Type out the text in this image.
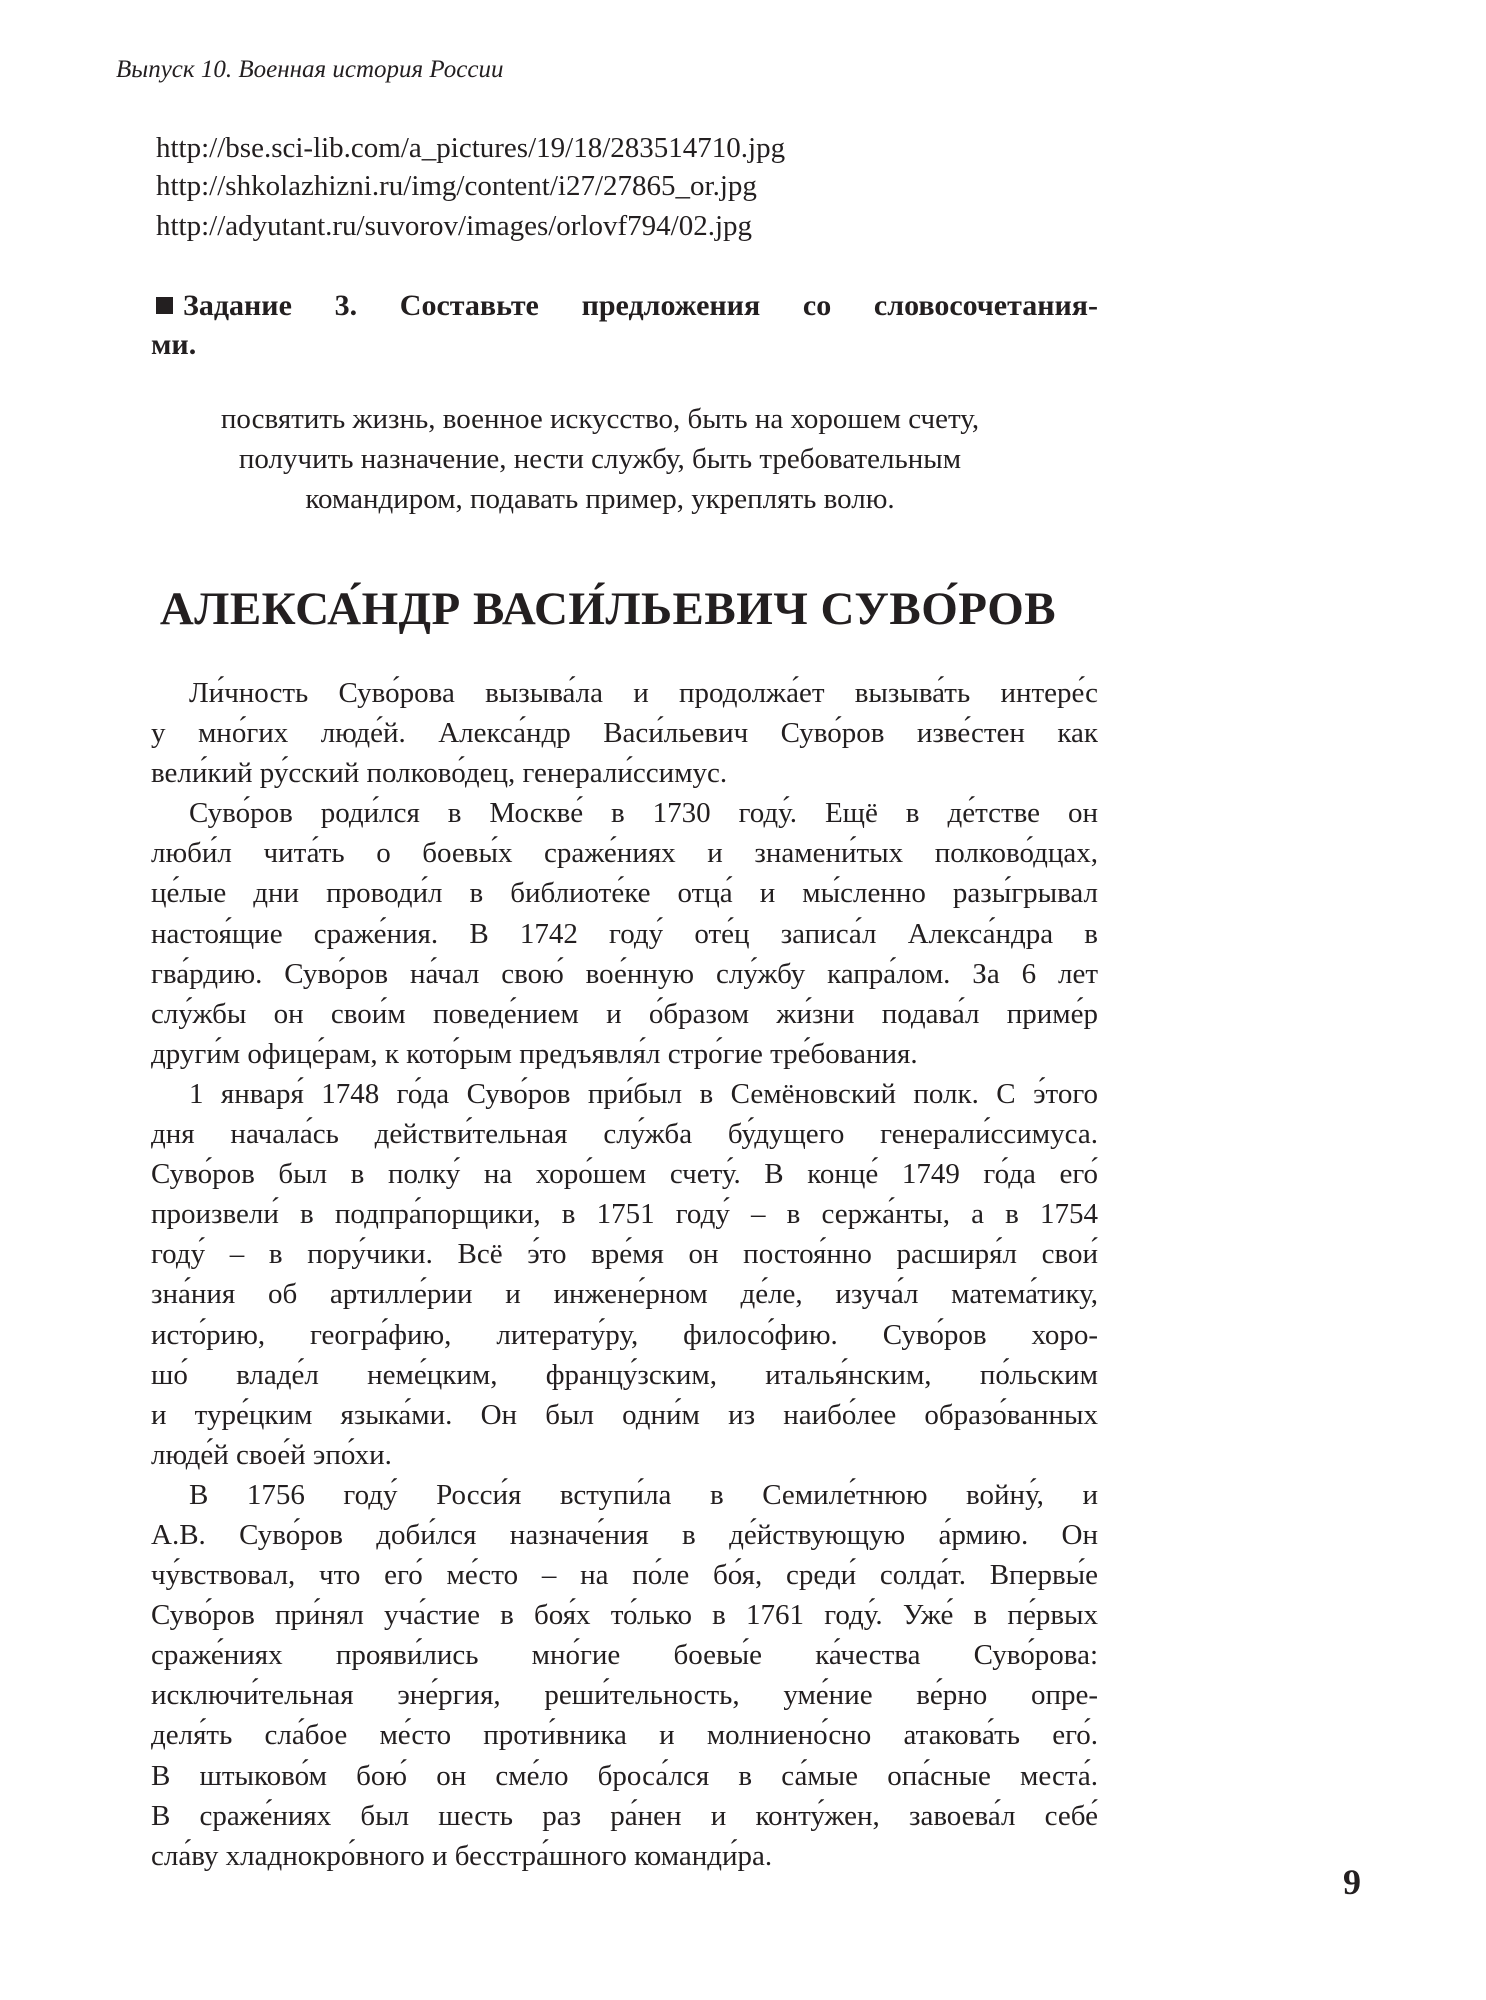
Выпуск 10. Военная история России
http://bse.sci-lib.com/a_pictures/19/18/283514710.jpg
http://shkolazhizni.ru/img/content/i27/27865_or.jpg
http://adyutant.ru/suvorov/images/orlovf794/02.jpg
Задание 3. Составьте предложения со словосочетания-
ми.
посвятить жизнь, военное искусство, быть на хорошем счету,
получить назначение, нести службу, быть требовательным
командиром, подавать пример, укреплять волю.
АЛЕКСА́НДР ВАСИ́ЛЬЕВИЧ СУВО́РОВ
Ли́чность Суво́рова вызыва́ла и продолжа́ет вызыва́ть интере́с
у мно́гих люде́й. Алекса́ндр Васи́льевич Суво́ров изве́стен как
вели́кий ру́сский полково́дец, генерали́ссимус.
Суво́ров роди́лся в Москве́ в 1730 году́. Ещё в де́тстве он
люби́л чита́ть о боевы́х сраже́ниях и знамени́тых полково́дцах,
це́лые дни проводи́л в библиоте́ке отца́ и мы́сленно разы́грывал
настоя́щие сраже́ния. В 1742 году́ оте́ц записа́л Алекса́ндра в
гва́рдию. Суво́ров на́чал свою́ вое́нную слу́жбу капра́лом. За 6 лет
слу́жбы он свои́м поведе́нием и о́бразом жи́зни подава́л приме́р
други́м офице́рам, к кото́рым предъявля́л стро́гие тре́бования.
1 января́ 1748 го́да Суво́ров при́был в Семёновский полк. С э́того
дня начала́сь действи́тельная слу́жба бу́дущего генерали́ссимуса.
Суво́ров был в полку́ на хоро́шем счету́. В конце́ 1749 го́да его́
произвели́ в подпра́порщики, в 1751 году́ – в сержа́нты, а в 1754
году́ – в пору́чики. Всё э́то вре́мя он постоя́нно расширя́л свои́
зна́ния об артилле́рии и инжене́рном де́ле, изуча́л матема́тику,
исто́рию, геогра́фию, литерату́ру, филосо́фию. Суво́ров хоро-
шо́ владе́л неме́цким, францу́зским, италья́нским, по́льским
и туре́цким языка́ми. Он был одни́м из наибо́лее образо́ванных
люде́й свое́й эпо́хи.
В 1756 году́ Росси́я вступи́ла в Семиле́тнюю войну́, и
А.В. Суво́ров доби́лся назначе́ния в де́йствующую а́рмию. Он
чу́вствовал, что его́ ме́сто – на по́ле бо́я, среди́ солда́т. Впервы́е
Суво́ров при́нял уча́стие в боя́х то́лько в 1761 году́. Уже́ в пе́рвых
сраже́ниях прояви́лись мно́гие боевы́е ка́чества Суво́рова:
исключи́тельная эне́ргия, реши́тельность, уме́ние ве́рно опре-
деля́ть сла́бое ме́сто проти́вника и молниено́сно атакова́ть его́.
В штыково́м бою́ он сме́ло броса́лся в са́мые опа́сные места́.
В сраже́ниях был шесть раз ра́нен и конту́жен, завоева́л себе́
сла́ву хладнокро́вного и бесстра́шного команди́ра.
9
